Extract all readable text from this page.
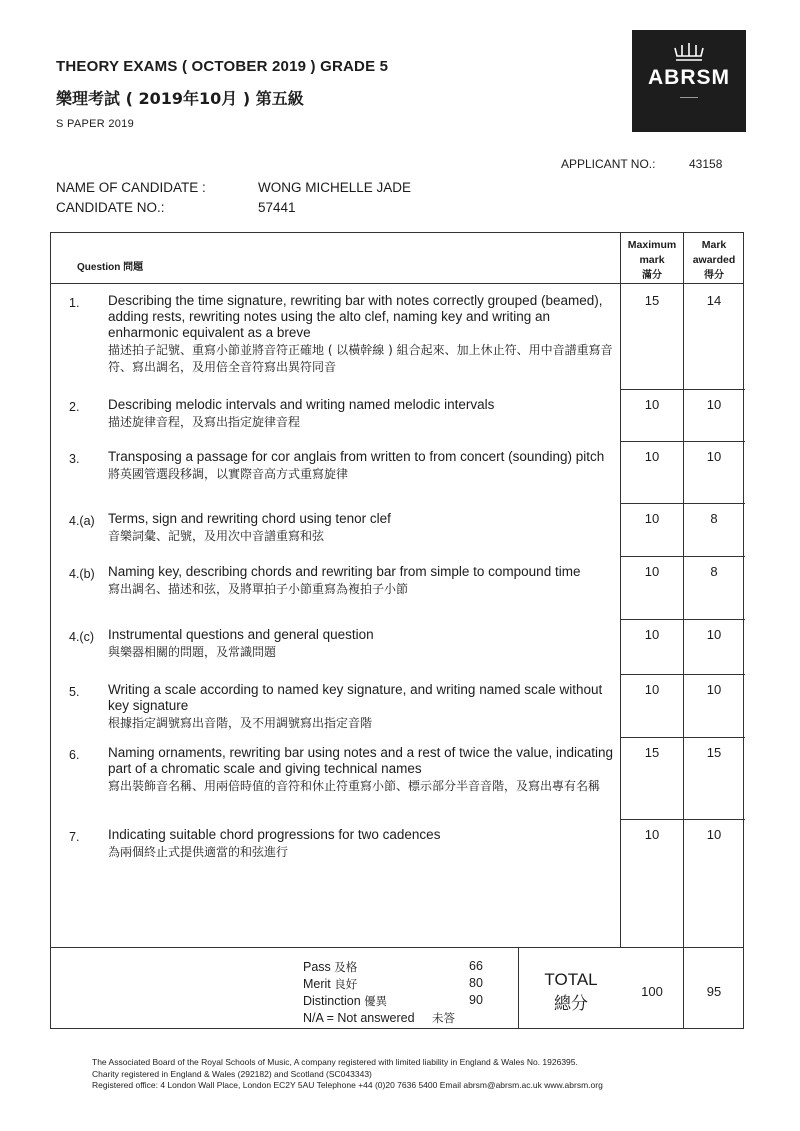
THEORY EXAMS ( OCTOBER 2019 ) GRADE 5
樂理考試 ( 2019年10月 ) 第五級
S PAPER 2019
ABRSM
APPLICANT NO.:	43158
NAME OF CANDIDATE :	WONG MICHELLE JADE
CANDIDATE NO.:	57441
Question 問題
Maximum
mark
滿分
Mark
awarded
得分
1. Describing the time signature, rewriting bar with notes correctly grouped (beamed), adding rests, rewriting notes using the alto clef, naming key and writing an enharmonic equivalent as a breve
描述拍子記號、重寫小節並將音符正確地 ( 以橫幹線 ) 組合起來、加上休止符、用中音譜重寫音符、寫出調名，及用倍全音符寫出異符同音
15	14
2. Describing melodic intervals and writing named melodic intervals
描述旋律音程，及寫出指定旋律音程
10	10
3. Transposing a passage for cor anglais from written to from concert (sounding) pitch
將英國管選段移調，以實際音高方式重寫旋律
10	10
4.(a) Terms, sign and rewriting chord using tenor clef
音樂詞彙、記號，及用次中音譜重寫和弦
10	8
4.(b) Naming key, describing chords and rewriting bar from simple to compound time
寫出調名、描述和弦，及將單拍子小節重寫為複拍子小節
10	8
4.(c) Instrumental questions and general question
與樂器相關的問題，及常識問題
10	10
5. Writing a scale according to named key signature, and writing named scale without key signature
根據指定調號寫出音階，及不用調號寫出指定音階
10	10
6. Naming ornaments, rewriting bar using notes and a rest of twice the value, indicating part of a chromatic scale and giving technical names
寫出裝飾音名稱、用兩倍時值的音符和休止符重寫小節、標示部分半音音階，及寫出專有名稱
15	15
7. Indicating suitable chord progressions for two cadences
為兩個終止式提供適當的和弦進行
10	10
Pass 及格	66
Merit 良好	80
Distinction 優異	90
N/A = Not answered 未答
TOTAL
總分
100	95
The Associated Board of the Royal Schools of Music, A company registered with limited liability in England & Wales No. 1926395.
Charity registered in England & Wales (292182) and Scotland (SC043343)
Registered office: 4 London Wall Place, London EC2Y 5AU Telephone +44 (0)20 7636 5400 Email abrsm@abrsm.ac.uk www.abrsm.org
